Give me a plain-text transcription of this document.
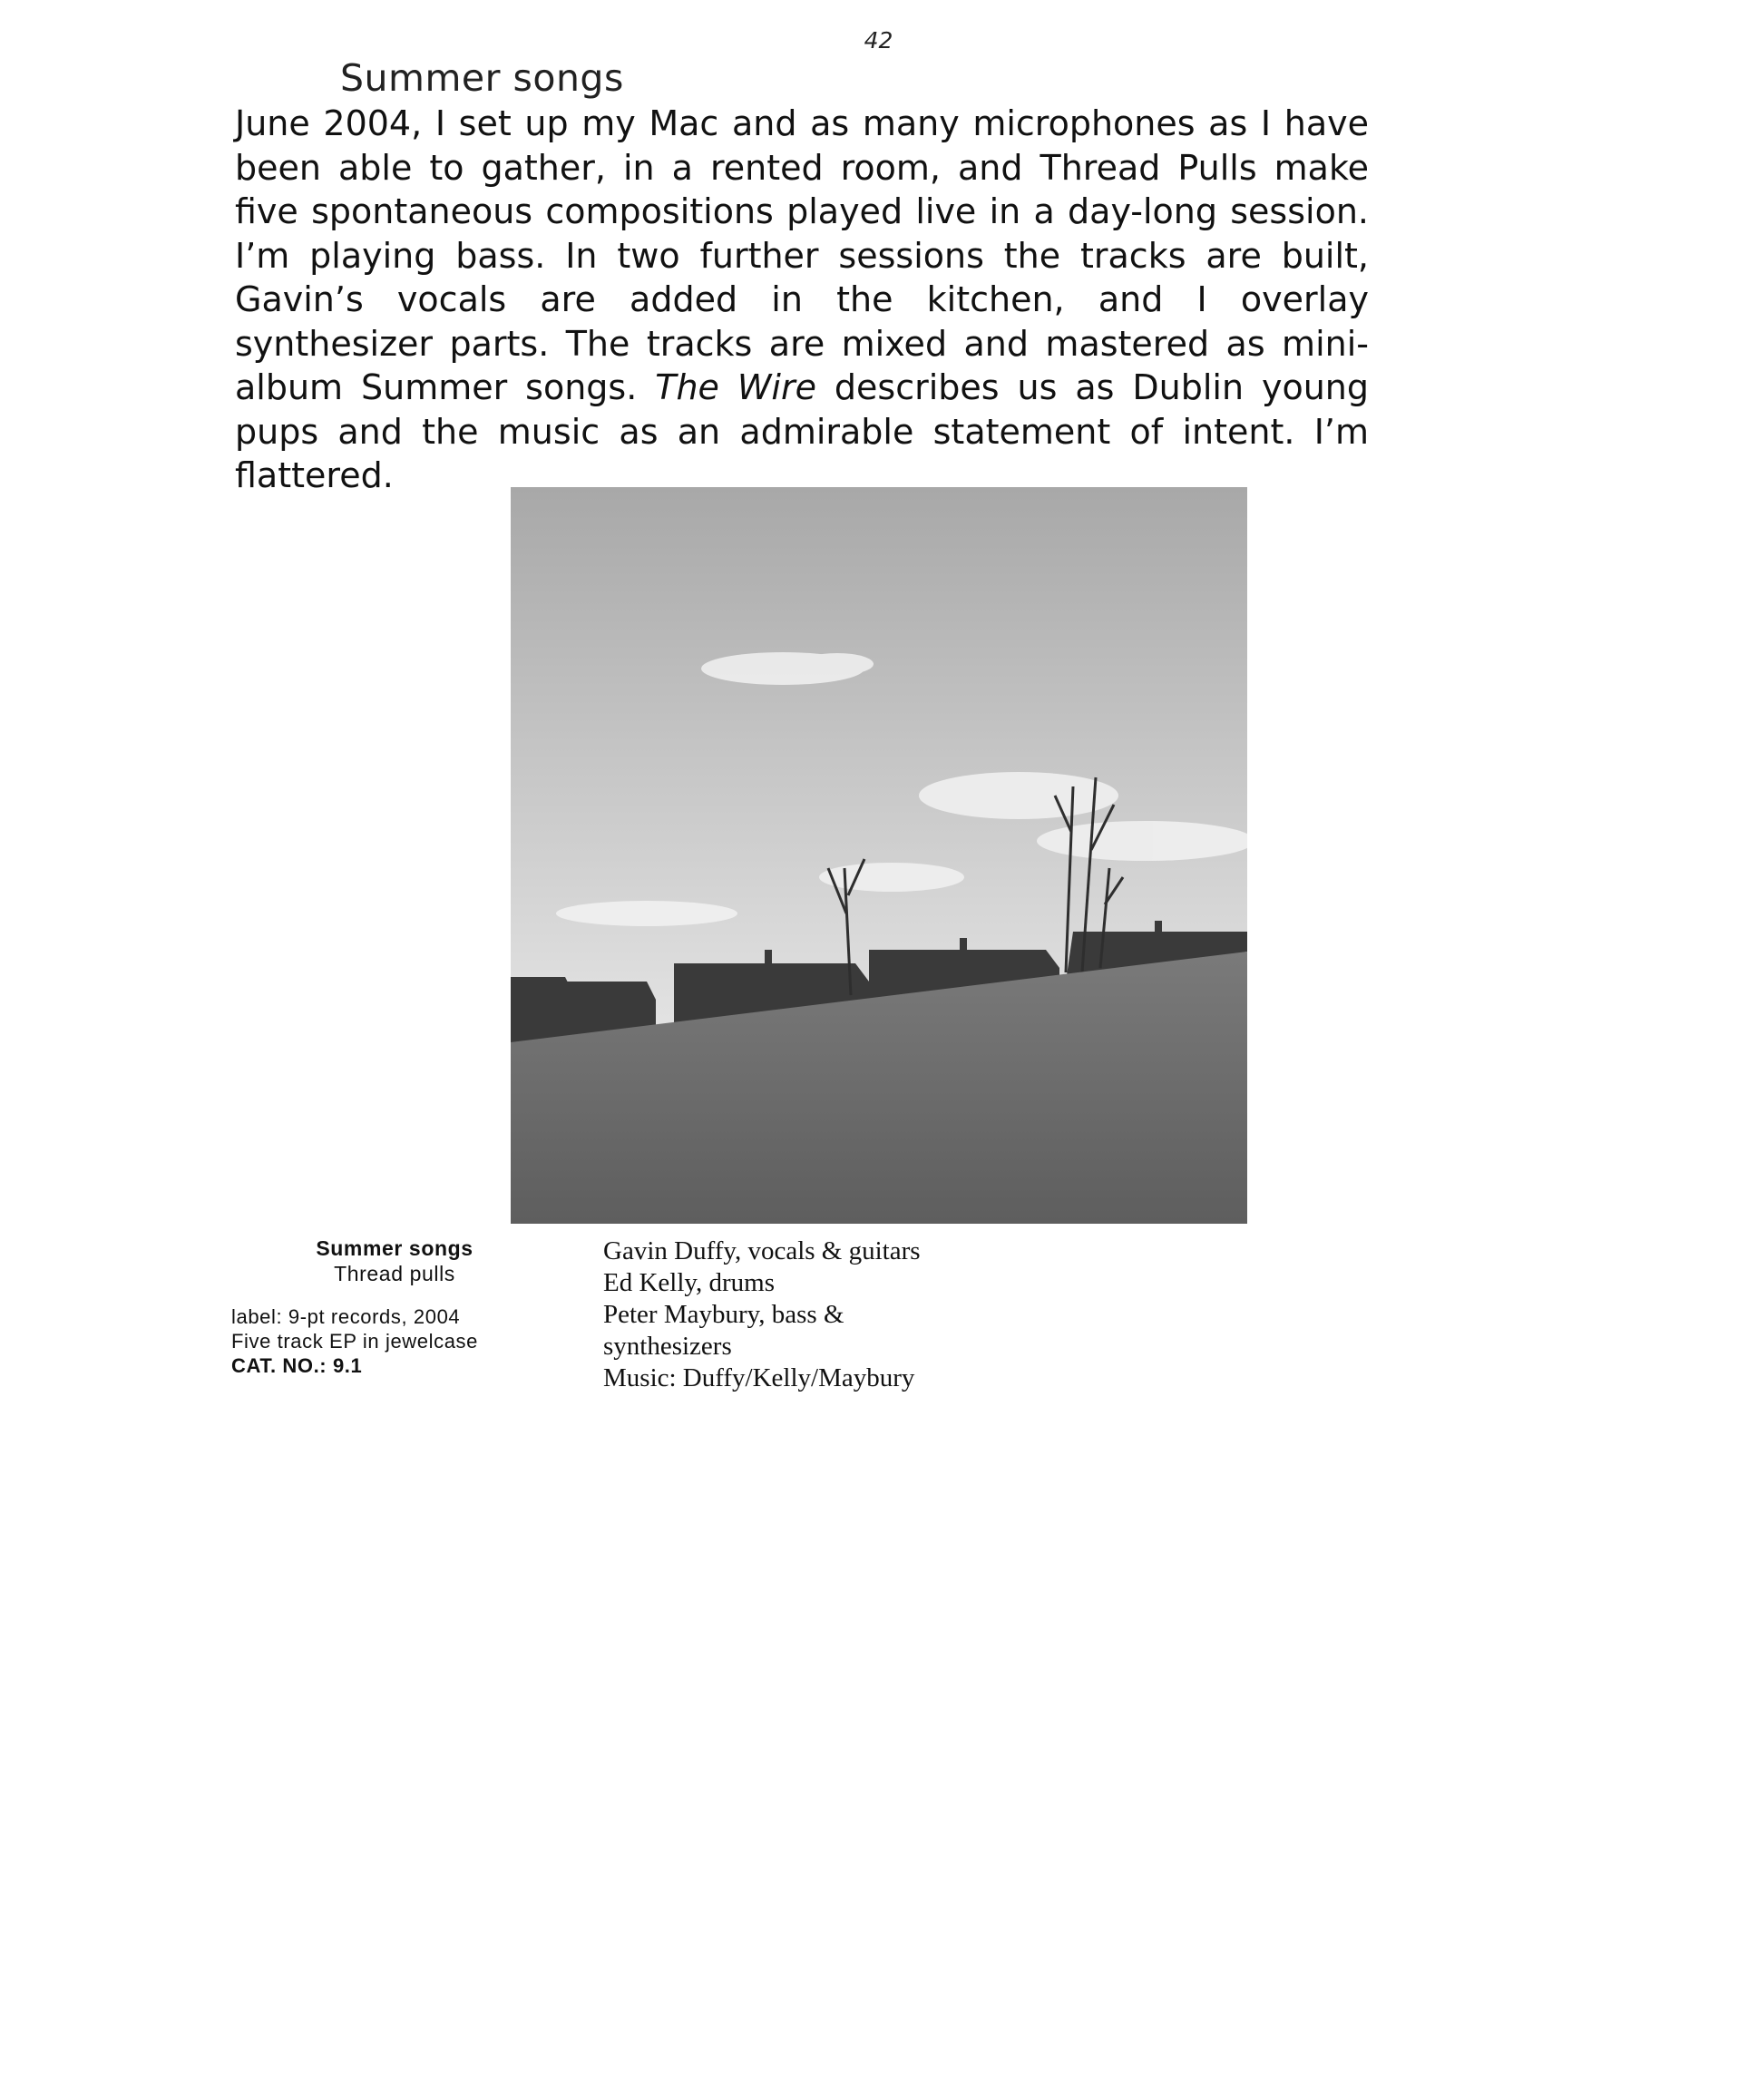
42
Summer songs

June 2004, I set up my Mac and as many microphones as I have been able to gather, in a rented room, and Thread Pulls make five spontaneous compositions played live in a day-long session. I’m playing bass. In two further sessions the tracks are built, Gavin’s vocals are added in the kitchen, and I overlay synthesizer parts. The tracks are mixed and mastered as mini-album Summer songs. The Wire describes us as Dublin young pups and the music as an admirable statement of intent. I’m flattered.

Summer songs
Thread pulls
label: 9-pt records, 2004
Five track EP in jewelcase
CAT. NO.: 9.1
Gavin Duffy, vocals & guitars
Ed Kelly, drums
Peter Maybury, bass &
synthesizers
Music: Duffy/Kelly/Maybury
